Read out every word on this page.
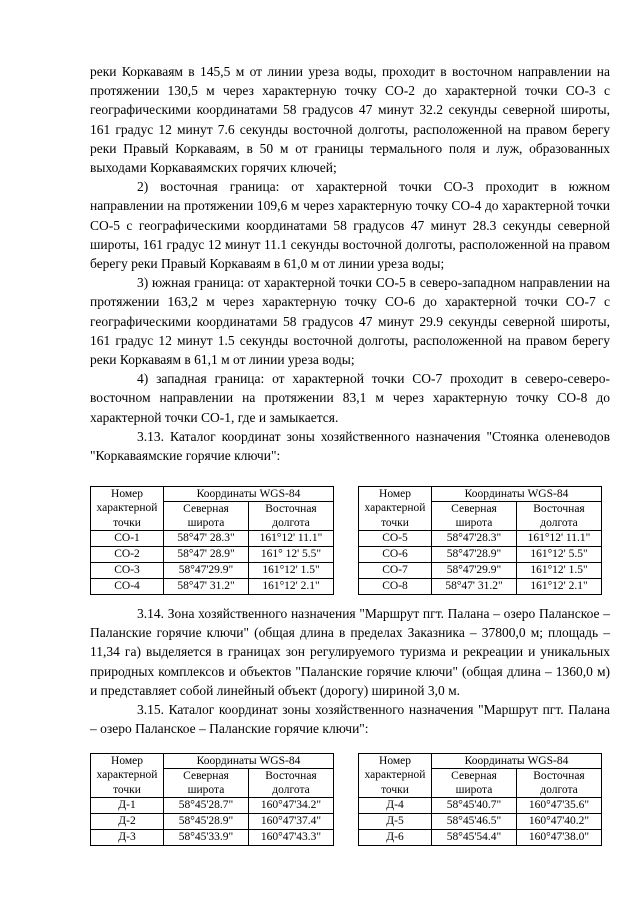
реки Коркаваям в 145,5 м от линии уреза воды, проходит в восточном направлении на протяжении 130,5 м через характерную точку СО-2 до характерной точки СО-3 с географическими координатами 58 градусов 47 минут 32.2 секунды северной широты, 161 градус 12 минут 7.6 секунды восточной долготы, расположенной на правом берегу реки Правый Коркаваям, в 50 м от границы термального поля и луж, образованных выходами Коркаваямских горячих ключей;

2) восточная граница: от характерной точки СО-3 проходит в южном направлении на протяжении 109,6 м через характерную точку СО-4 до характерной точки СО-5 с географическими координатами 58 градусов 47 минут 28.3 секунды северной широты, 161 градус 12 минут 11.1 секунды восточной долготы, расположенной на правом берегу реки Правый Коркаваям в 61,0 м от линии уреза воды;

3) южная граница: от характерной точки СО-5 в северо-западном направлении на протяжении 163,2 м через характерную точку СО-6 до характерной точки СО-7 с географическими координатами 58 градусов 47 минут 29.9 секунды северной широты, 161 градус 12 минут 1.5 секунды восточной долготы, расположенной на правом берегу реки Коркаваям в 61,1 м от линии уреза воды;

4) западная граница: от характерной точки СО-7 проходит в северо-северо-восточном направлении на протяжении 83,1 м через характерную точку СО-8 до характерной точки СО-1, где и замыкается.

3.13. Каталог координат зоны хозяйственного назначения "Стоянка оленеводов "Коркаваямские горячие ключи":

Номер	Координаты WGS-84	
характерной	Северная	Восточная
точки	широта	долгота
СО-1	58°47' 28.3"	161°12' 11.1"
СО-2	58°47' 28.9"	161° 12' 5.5"
СО-3	58°47'29.9"	161°12' 1.5"
СО-4	58°47' 31.2"	161°12' 2.1"
Номер	Координаты WGS-84	
характерной	Северная	Восточная
точки	широта	долгота
СО-5	58°47'28.3"	161°12' 11.1"
СО-6	58°47'28.9"	161°12' 5.5"
СО-7	58°47'29.9"	161°12' 1.5"
СО-8	58°47' 31.2"	161°12' 2.1"

3.14. Зона хозяйственного назначения "Маршрут пгт. Палана – озеро Паланское – Паланские горячие ключи" (общая длина в пределах Заказника – 37800,0 м; площадь – 11,34 га) выделяется в границах зон регулируемого туризма и рекреации и уникальных природных комплексов и объектов "Паланские горячие ключи" (общая длина – 1360,0 м) и представляет собой линейный объект (дорогу) шириной 3,0 м.

3.15. Каталог координат зоны хозяйственного назначения "Маршрут пгт. Палана – озеро Паланское – Паланские горячие ключи":

Номер	Координаты WGS-84	
характерной	Северная	Восточная
точки	широта	долгота
Д-1	58°45'28.7"	160°47'34.2"
Д-2	58°45'28.9"	160°47'37.4"
Д-3	58°45'33.9"	160°47'43.3"
Номер	Координаты WGS-84	
характерной	Северная	Восточная
точки	широта	долгота
Д-4	58°45'40.7"	160°47'35.6"
Д-5	58°45'46.5"	160°47'40.2"
Д-6	58°45'54.4"	160°47'38.0"
